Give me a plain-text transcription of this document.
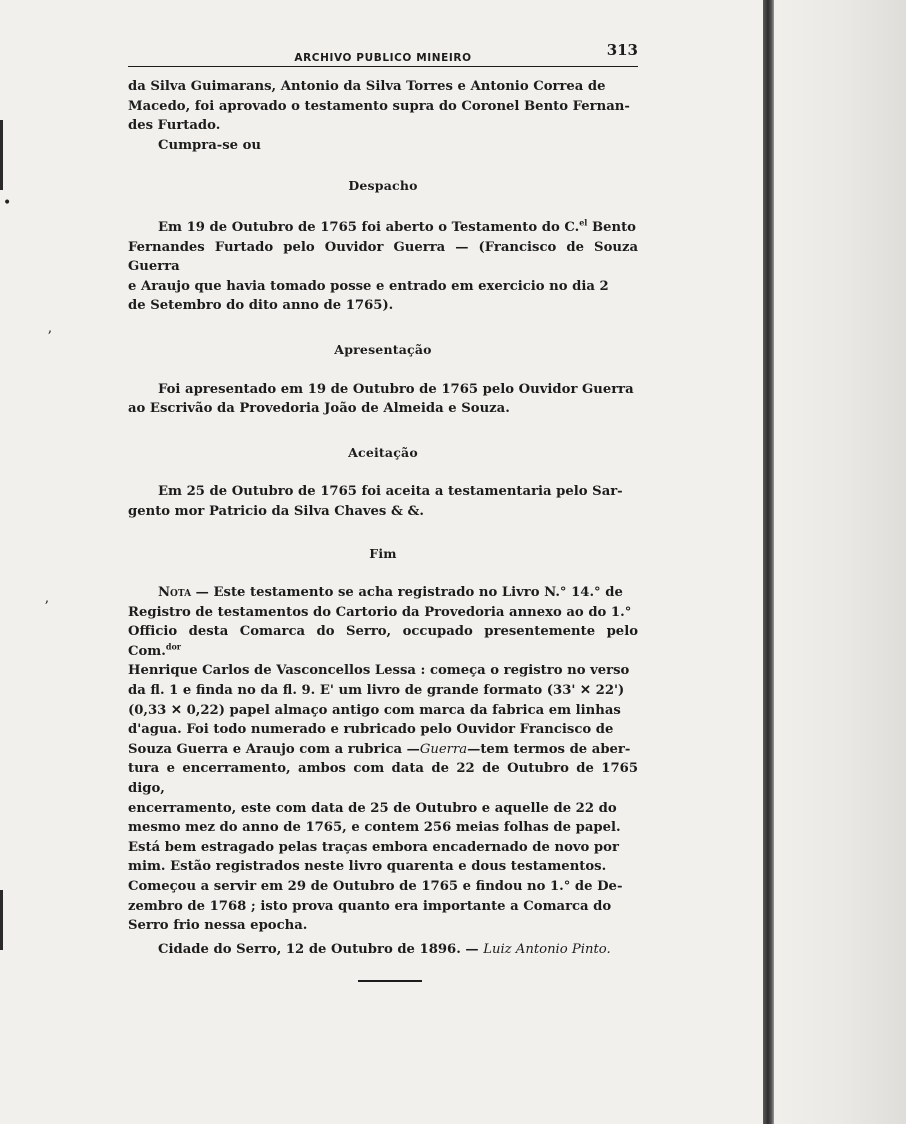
•
ʼ
ʼ
ARCHIVO PUBLICO MINEIRO	313

da Silva Guimarans, Antonio da Silva Torres e Antonio Correa de

Macedo, foi aprovado o testamento supra do Coronel Bento Fernan-

des Furtado.

Cumpra-se ou

Despacho

Em 19 de Outubro de 1765 foi aberto o Testamento do C.$^{el}$ Bento

Fernandes Furtado pelo Ouvidor Guerra — (Francisco de Souza Guerra

e Araujo que havia tomado posse e entrado em exercicio no dia 2

de Setembro do dito anno de 1765).

Apresentação

Foi apresentado em 19 de Outubro de 1765 pelo Ouvidor Guerra

ao Escrivão da Provedoria João de Almeida e Souza.

Aceitação

Em 25 de Outubro de 1765 foi aceita a testamentaria pelo Sar-

gento mor Patricio da Silva Chaves & &.

Fim

Nota — Este testamento se acha registrado no Livro N.° 14.° de

Registro de testamentos do Cartorio da Provedoria annexo ao do 1.°

Officio desta Comarca do Serro, occupado presentemente pelo Com.$^{dor}$

Henrique Carlos de Vasconcellos Lessa : começa o registro no verso

da fl. 1 e finda no da fl. 9. E' um livro de grande formato (33' ✕ 22')

(0,33 ✕ 0,22) papel almaço antigo com marca da fabrica em linhas

d'agua. Foi todo numerado e rubricado pelo Ouvidor Francisco de

Souza Guerra e Araujo com a rubrica —Guerra—tem termos de aber-

tura e encerramento, ambos com data de 22 de Outubro de 1765 digo,

encerramento, este com data de 25 de Outubro e aquelle de 22 do

mesmo mez do anno de 1765, e contem 256 meias folhas de papel.

Está bem estragado pelas traças embora encadernado de novo por

mim. Estão registrados neste livro quarenta e dous testamentos.

Começou a servir em 29 de Outubro de 1765 e findou no 1.° de De-

zembro de 1768 ; isto prova quanto era importante a Comarca do

Serro frio nessa epocha.

Cidade do Serro, 12 de Outubro de 1896. — Luiz Antonio Pinto.
